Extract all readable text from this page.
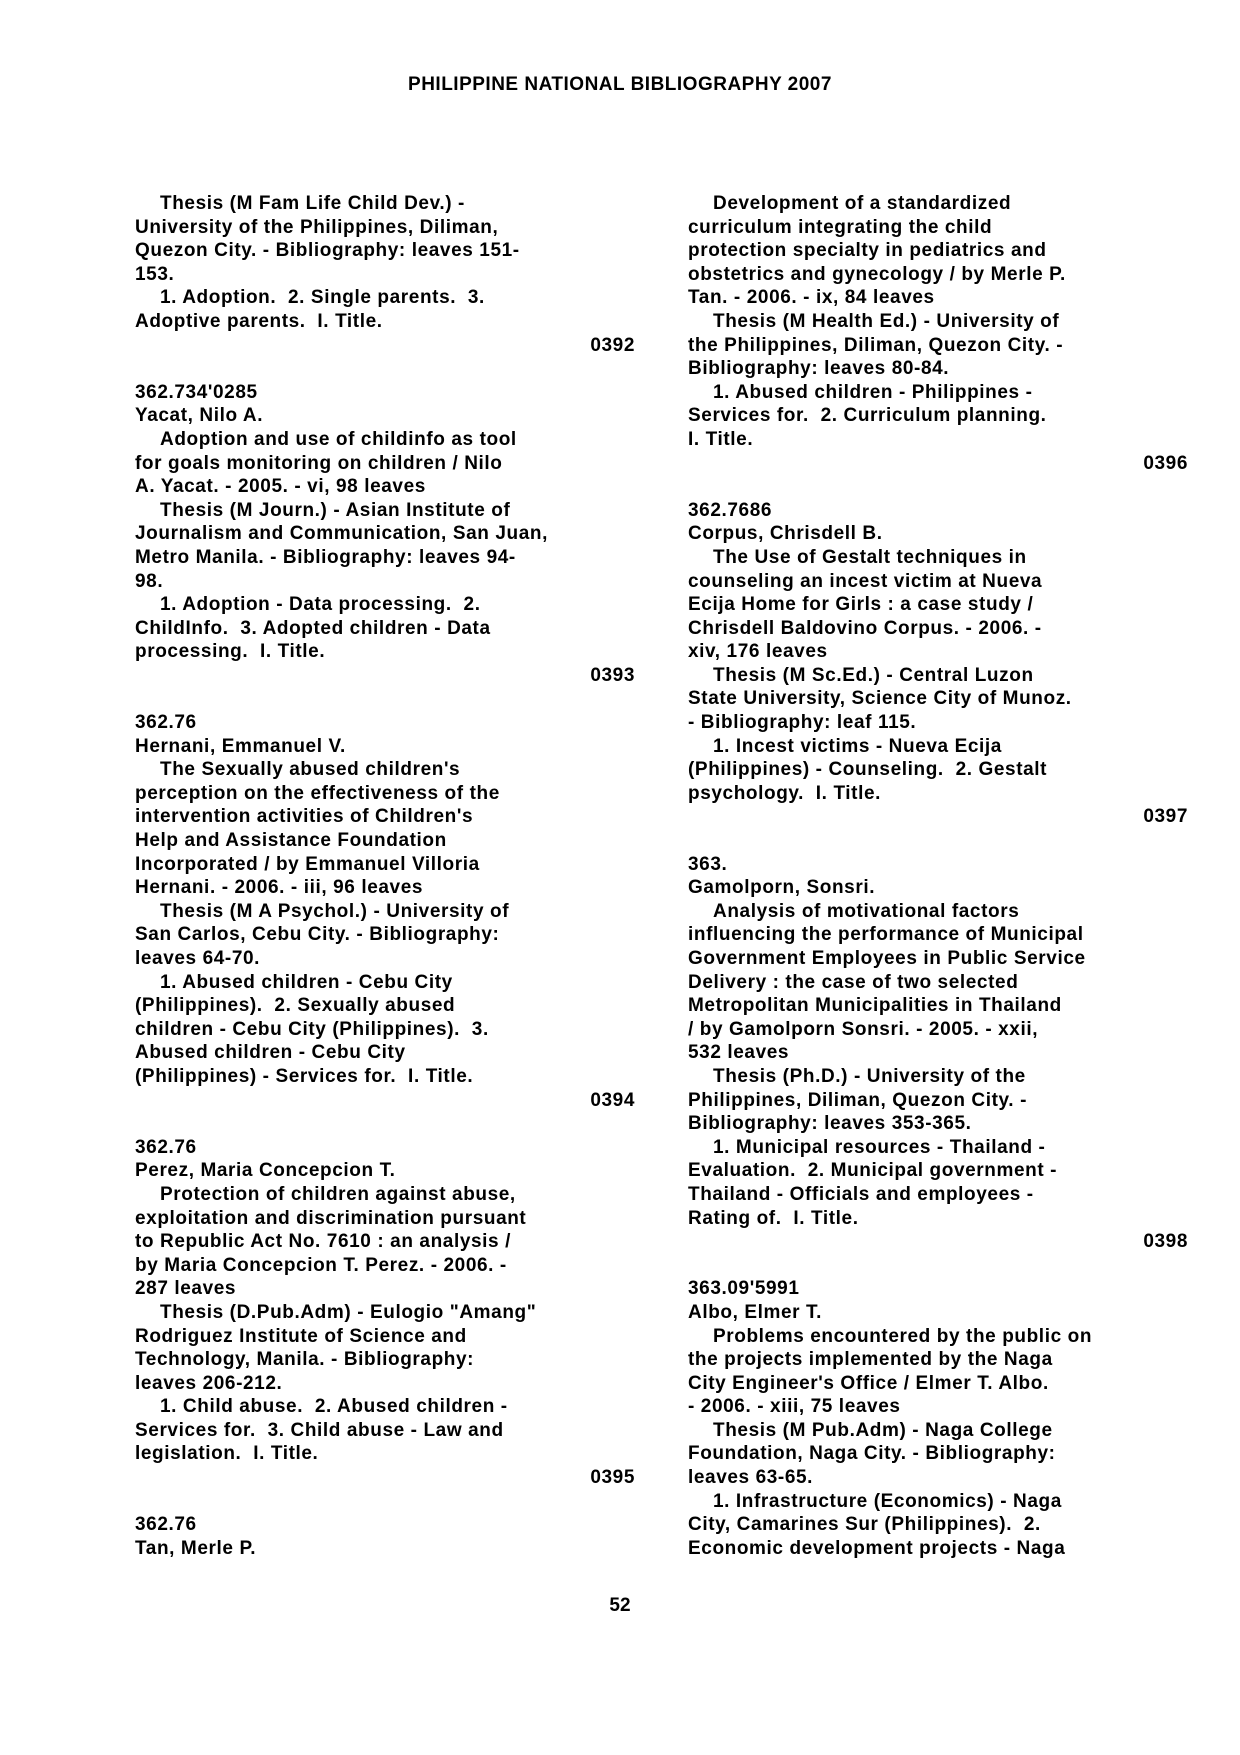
PHILIPPINE NATIONAL BIBLIOGRAPHY 2007
Thesis (M Fam Life Child Dev.) -
University of the Philippines, Diliman,
Quezon City. - Bibliography: leaves 151-
153.
1. Adoption.  2. Single parents.  3.
Adoptive parents.  I. Title.
0392
362.734'0285
Yacat, Nilo A.
Adoption and use of childinfo as tool
for goals monitoring on children / Nilo
A. Yacat. - 2005. - vi, 98 leaves
Thesis (M Journ.) - Asian Institute of
Journalism and Communication, San Juan,
Metro Manila. - Bibliography: leaves 94-
98.
1. Adoption - Data processing.  2.
ChildInfo.  3. Adopted children - Data
processing.  I. Title.
0393
362.76
Hernani, Emmanuel V.
The Sexually abused children's
perception on the effectiveness of the
intervention activities of Children's
Help and Assistance Foundation
Incorporated / by Emmanuel Villoria
Hernani. - 2006. - iii, 96 leaves
Thesis (M A Psychol.) - University of
San Carlos, Cebu City. - Bibliography:
leaves 64-70.
1. Abused children - Cebu City
(Philippines).  2. Sexually abused
children - Cebu City (Philippines).  3.
Abused children - Cebu City
(Philippines) - Services for.  I. Title.
0394
362.76
Perez, Maria Concepcion T.
Protection of children against abuse,
exploitation and discrimination pursuant
to Republic Act No. 7610 : an analysis /
by Maria Concepcion T. Perez. - 2006. -
287 leaves
Thesis (D.Pub.Adm) - Eulogio "Amang"
Rodriguez Institute of Science and
Technology, Manila. - Bibliography:
leaves 206-212.
1. Child abuse.  2. Abused children -
Services for.  3. Child abuse - Law and
legislation.  I. Title.
0395
362.76
Tan, Merle P.
Development of a standardized
curriculum integrating the child
protection specialty in pediatrics and
obstetrics and gynecology / by Merle P.
Tan. - 2006. - ix, 84 leaves
Thesis (M Health Ed.) - University of
the Philippines, Diliman, Quezon City. -
Bibliography: leaves 80-84.
1. Abused children - Philippines -
Services for.  2. Curriculum planning.
I. Title.
0396
362.7686
Corpus, Chrisdell B.
The Use of Gestalt techniques in
counseling an incest victim at Nueva
Ecija Home for Girls : a case study /
Chrisdell Baldovino Corpus. - 2006. -
xiv, 176 leaves
Thesis (M Sc.Ed.) - Central Luzon
State University, Science City of Munoz.
- Bibliography: leaf 115.
1. Incest victims - Nueva Ecija
(Philippines) - Counseling.  2. Gestalt
psychology.  I. Title.
0397
363.
Gamolporn, Sonsri.
Analysis of motivational factors
influencing the performance of Municipal
Government Employees in Public Service
Delivery : the case of two selected
Metropolitan Municipalities in Thailand
/ by Gamolporn Sonsri. - 2005. - xxii,
532 leaves
Thesis (Ph.D.) - University of the
Philippines, Diliman, Quezon City. -
Bibliography: leaves 353-365.
1. Municipal resources - Thailand -
Evaluation.  2. Municipal government -
Thailand - Officials and employees -
Rating of.  I. Title.
0398
363.09'5991
Albo, Elmer T.
Problems encountered by the public on
the projects implemented by the Naga
City Engineer's Office / Elmer T. Albo.
- 2006. - xiii, 75 leaves
Thesis (M Pub.Adm) - Naga College
Foundation, Naga City. - Bibliography:
leaves 63-65.
1. Infrastructure (Economics) - Naga
City, Camarines Sur (Philippines).  2.
Economic development projects - Naga
52
